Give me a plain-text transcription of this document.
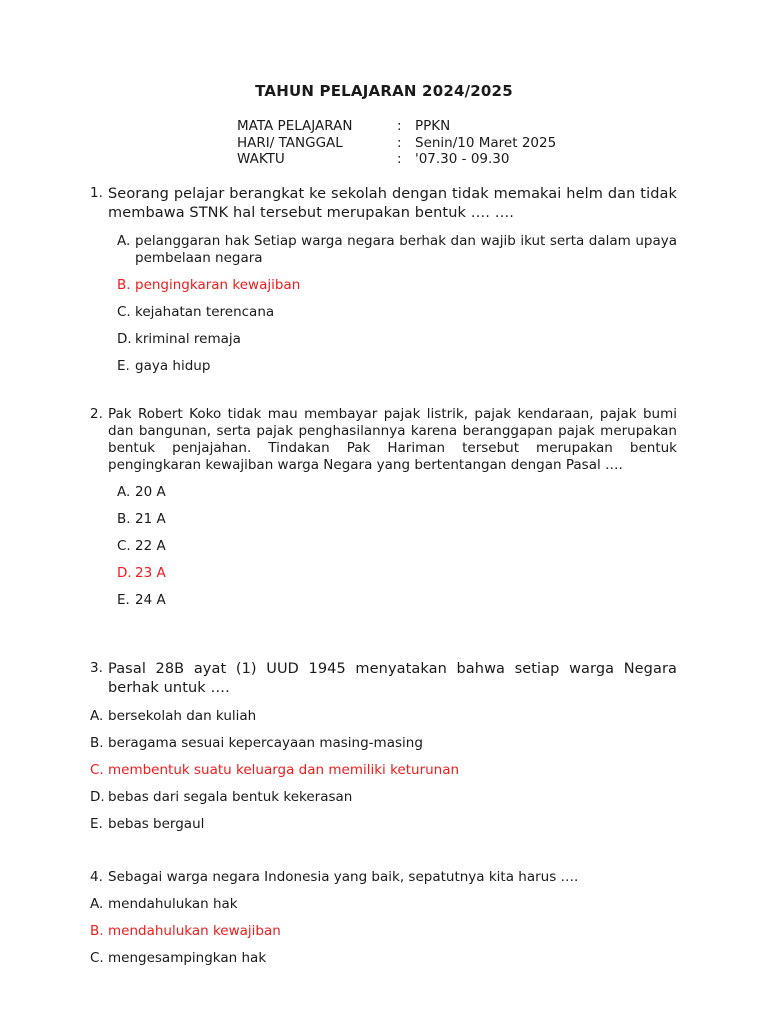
TAHUN PELAJARAN 2024/2025
MATA PELAJARAN	: PPKN
HARI/ TANGGAL	: Senin/10 Maret 2025
WAKTU	: '07.30 - 09.30
1. Seorang pelajar berangkat ke sekolah dengan tidak memakai helm dan tidak membawa STNK hal tersebut merupakan bentuk …. ….
A. pelanggaran hak Setiap warga negara berhak dan wajib ikut serta dalam upaya pembelaan negara
B. pengingkaran kewajiban
C. kejahatan terencana
D. kriminal remaja
E. gaya hidup
2. Pak Robert Koko tidak mau membayar pajak listrik, pajak kendaraan, pajak bumi dan bangunan, serta pajak penghasilannya karena beranggapan pajak merupakan bentuk penjajahan. Tindakan Pak Hariman tersebut merupakan bentuk pengingkaran kewajiban warga Negara yang bertentangan dengan Pasal ….
A. 20 A
B. 21 A
C. 22 A
D. 23 A
E. 24 A
3. Pasal 28B ayat (1) UUD 1945 menyatakan bahwa setiap warga Negara berhak untuk ….
A. bersekolah dan kuliah
B. beragama sesuai kepercayaan masing-masing
C. membentuk suatu keluarga dan memiliki keturunan
D. bebas dari segala bentuk kekerasan
E. bebas bergaul
4. Sebagai warga negara Indonesia yang baik, sepatutnya kita harus ….
A. mendahulukan hak
B. mendahulukan kewajiban
C. mengesampingkan hak
